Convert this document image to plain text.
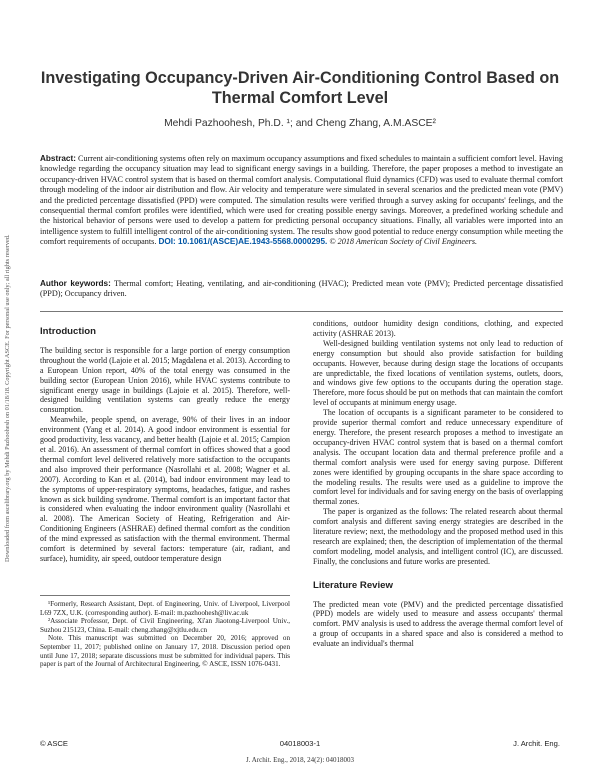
Downloaded from ascelibrary.org by Mehdi Pazhoohesh on 01/18/18. Copyright ASCE. For personal use only; all rights reserved.
Investigating Occupancy-Driven Air-Conditioning Control Based on Thermal Comfort Level
Mehdi Pazhoohesh, Ph.D. ¹; and Cheng Zhang, A.M.ASCE²
Abstract: Current air-conditioning systems often rely on maximum occupancy assumptions and fixed schedules to maintain a sufficient comfort level. Having knowledge regarding the occupancy situation may lead to significant energy savings in a building. Therefore, the paper proposes a method to investigate an occupancy-driven HVAC control system that is based on thermal comfort analysis. Computational fluid dynamics (CFD) was used to evaluate thermal comfort through modeling of the indoor air distribution and flow. Air velocity and temperature were simulated in several scenarios and the predicted mean vote (PMV) and the predicted percentage dissatisfied (PPD) were computed. The simulation results were verified through a survey asking for occupants' feelings, and the consequential thermal comfort profiles were identified, which were used for creating possible energy savings. Moreover, a predefined working schedule and the historical behavior of persons were used to develop a pattern for predicting personal occupancy situations. Finally, all variables were imported into an intelligence system to fulfill intelligent control of the air-conditioning system. The results show good potential to reduce energy consumption while meeting the comfort requirements of occupants. DOI: 10.1061/(ASCE)AE.1943-5568.0000295. © 2018 American Society of Civil Engineers.
Author keywords: Thermal comfort; Heating, ventilating, and air-conditioning (HVAC); Predicted mean vote (PMV); Predicted percentage dissatisfied (PPD); Occupancy driven.
Introduction

The building sector is responsible for a large portion of energy consumption throughout the world (Lajoie et al. 2015; Magdalena et al. 2013). According to a European Union report, 40% of the total energy was consumed in the building sector (European Union 2016), while HVAC systems contribute to significant energy usage in buildings (Lajoie et al. 2015). Therefore, well-designed building ventilation systems can greatly reduce the energy consumption.

Meanwhile, people spend, on average, 90% of their lives in an indoor environment (Yang et al. 2014). A good indoor environment is essential for good productivity, less vacancy, and better health (Lajoie et al. 2015; Campion et al. 2016). An assessment of thermal comfort in offices showed that a good thermal comfort level delivered relatively more satisfaction to the occupants and also improved their performance (Nasrollahi et al. 2008; Wagner et al. 2007). According to Kan et al. (2014), bad indoor environment may lead to the symptoms of upper-respiratory symptoms, headaches, fatigue, and rashes known as sick building syndrome. Thermal comfort is an important factor that is considered when evaluating the indoor environment quality (Nasrollahi et al. 2008). The American Society of Heating, Refrigeration and Air-Conditioning Engineers (ASHRAE) defined thermal comfort as the condition of the mind expressed as satisfaction with the thermal environment. Thermal comfort is determined by several factors: temperature (air, radiant, and surface), humidity, air speed, outdoor temperature design

¹Formerly, Research Assistant, Dept. of Engineering, Univ. of Liverpool, Liverpool L69 7ZX, U.K. (corresponding author). E-mail: m.pazhoohesh@liv.ac.uk

²Associate Professor, Dept. of Civil Engineering, Xi'an Jiaotong-Liverpool Univ., Suzhou 215123, China. E-mail: cheng.zhang@xjtlu.edu.cn

Note. This manuscript was submitted on December 20, 2016; approved on September 11, 2017; published online on January 17, 2018. Discussion period open until June 17, 2018; separate discussions must be submitted for individual papers. This paper is part of the Journal of Architectural Engineering, © ASCE, ISSN 1076-0431.

conditions, outdoor humidity design conditions, clothing, and expected activity (ASHRAE 2013).

Well-designed building ventilation systems not only lead to reduction of energy consumption but should also provide satisfaction for building occupants. However, because during design stage the locations of occupants are unpredictable, the fixed locations of ventilation systems, outlets, doors, and windows give few options to the occupants during the operation stage. Therefore, more focus should be put on methods that can maintain the comfort level of occupants at minimum energy usage.

The location of occupants is a significant parameter to be considered to provide superior thermal comfort and reduce unnecessary expenditure of energy. Therefore, the present research proposes a method to investigate an occupancy-driven HVAC control system that is based on a thermal comfort analysis. The occupant location data and thermal preference profile and a thermal comfort analysis were used for energy saving purpose. Different zones were identified by grouping occupants in the share space according to the modeling results. The results were used as a guideline to improve the comfort level for individuals and for saving energy on the basis of overlapping thermal zones.

The paper is organized as the follows: The related research about thermal comfort analysis and different saving energy strategies are described in the literature review; next, the methodology and the proposed method used in this research are explained; then, the description of implementation of the thermal comfort modeling, model analysis, and intelligent control (IC), are discussed. Finally, the conclusions and future works are presented.

Literature Review

The predicted mean vote (PMV) and the predicted percentage dissatisfied (PPD) models are widely used to measure and assess occupants' thermal comfort. PMV analysis is used to address the average thermal comfort level of a group of occupants in a shared space and also is considered a method to evaluate an individual's thermal

© ASCE	04018003-1	J. Archit. Eng.
J. Archit. Eng., 2018, 24(2): 04018003
